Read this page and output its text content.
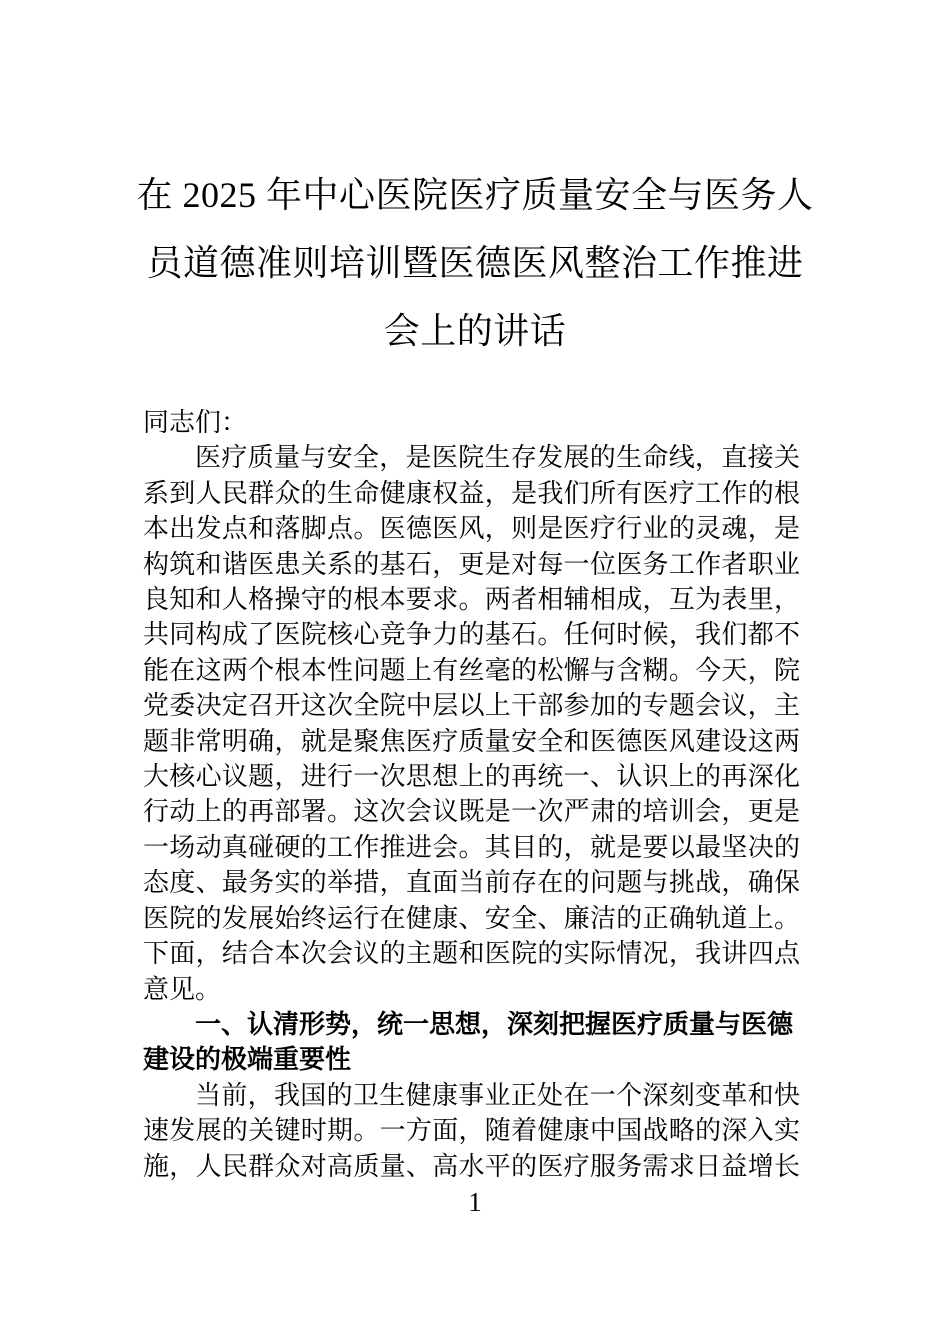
在 2025 年中心医院医疗质量安全与医务人
员道德准则培训暨医德医风整治工作推进
会上的讲话
同志们：
医疗质量与安全，是医院生存发展的生命线，直接关
系到人民群众的生命健康权益，是我们所有医疗工作的根
本出发点和落脚点。医德医风，则是医疗行业的灵魂，是
构筑和谐医患关系的基石，更是对每一位医务工作者职业
良知和人格操守的根本要求。两者相辅相成，互为表里，
共同构成了医院核心竞争力的基石。任何时候，我们都不
能在这两个根本性问题上有丝毫的松懈与含糊。今天，院
党委决定召开这次全院中层以上干部参加的专题会议，主
题非常明确，就是聚焦医疗质量安全和医德医风建设这两
大核心议题，进行一次思想上的再统一、认识上的再深化
行动上的再部署。这次会议既是一次严肃的培训会，更是
一场动真碰硬的工作推进会。其目的，就是要以最坚决的
态度、最务实的举措，直面当前存在的问题与挑战，确保
医院的发展始终运行在健康、安全、廉洁的正确轨道上。
下面，结合本次会议的主题和医院的实际情况，我讲四点
意见。
一、认清形势，统一思想，深刻把握医疗质量与医德
建设的极端重要性
当前，我国的卫生健康事业正处在一个深刻变革和快
速发展的关键时期。一方面，随着健康中国战略的深入实
施，人民群众对高质量、高水平的医疗服务需求日益增长
1
